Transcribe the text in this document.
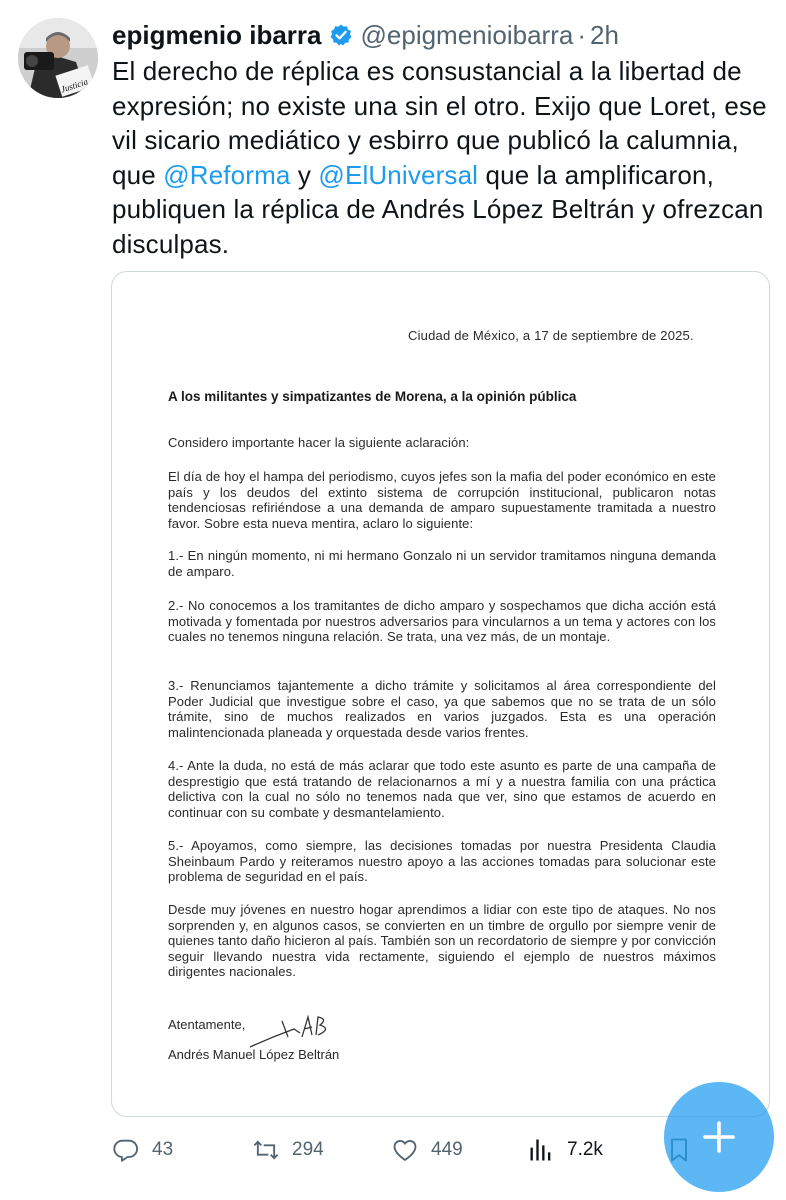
Justicia
epigmenio ibarra @epigmenioibarra · 2h
El derecho de réplica es consustancial a la libertad de expresión; no existe una sin el otro. Exijo que Loret, ese vil sicario mediático y esbirro que publicó la calumnia, que @Reforma y @ElUniversal que la amplificaron, publiquen la réplica de Andrés López Beltrán y ofrezcan disculpas.
Ciudad de México, a 17 de septiembre de 2025.
A los militantes y simpatizantes de Morena, a la opinión pública

Considero importante hacer la siguiente aclaración:

El día de hoy el hampa del periodismo, cuyos jefes son la mafia del poder económico en este país y los deudos del extinto sistema de corrupción institucional, publicaron notas tendenciosas refiriéndose a una demanda de amparo supuestamente tramitada a nuestro favor. Sobre esta nueva mentira, aclaro lo siguiente:

1.- En ningún momento, ni mi hermano Gonzalo ni un servidor tramitamos ninguna demanda de amparo.

2.- No conocemos a los tramitantes de dicho amparo y sospechamos que dicha acción está motivada y fomentada por nuestros adversarios para vincularnos a un tema y actores con los cuales no tenemos ninguna relación. Se trata, una vez más, de un montaje.

3.- Renunciamos tajantemente a dicho trámite y solicitamos al área correspondiente del Poder Judicial que investigue sobre el caso, ya que sabemos que no se trata de un sólo trámite, sino de muchos realizados en varios juzgados. Esta es una operación malintencionada planeada y orquestada desde varios frentes.

4.- Ante la duda, no está de más aclarar que todo este asunto es parte de una campaña de desprestigio que está tratando de relacionarnos a mí y a nuestra familia con una práctica delictiva con la cual no sólo no tenemos nada que ver, sino que estamos de acuerdo en continuar con su combate y desmantelamiento.

5.- Apoyamos, como siempre, las decisiones tomadas por nuestra Presidenta Claudia Sheinbaum Pardo y reiteramos nuestro apoyo a las acciones tomadas para solucionar este problema de seguridad en el país.

Desde muy jóvenes en nuestro hogar aprendimos a lidiar con este tipo de ataques. No nos sorprenden y, en algunos casos, se convierten en un timbre de orgullo por siempre venir de quienes tanto daño hicieron al país. También son un recordatorio de siempre y por convicción seguir llevando nuestra vida rectamente, siguiendo el ejemplo de nuestros máximos dirigentes nacionales.

Atentamente,
Andrés Manuel López Beltrán
43	294	449	7.2k
